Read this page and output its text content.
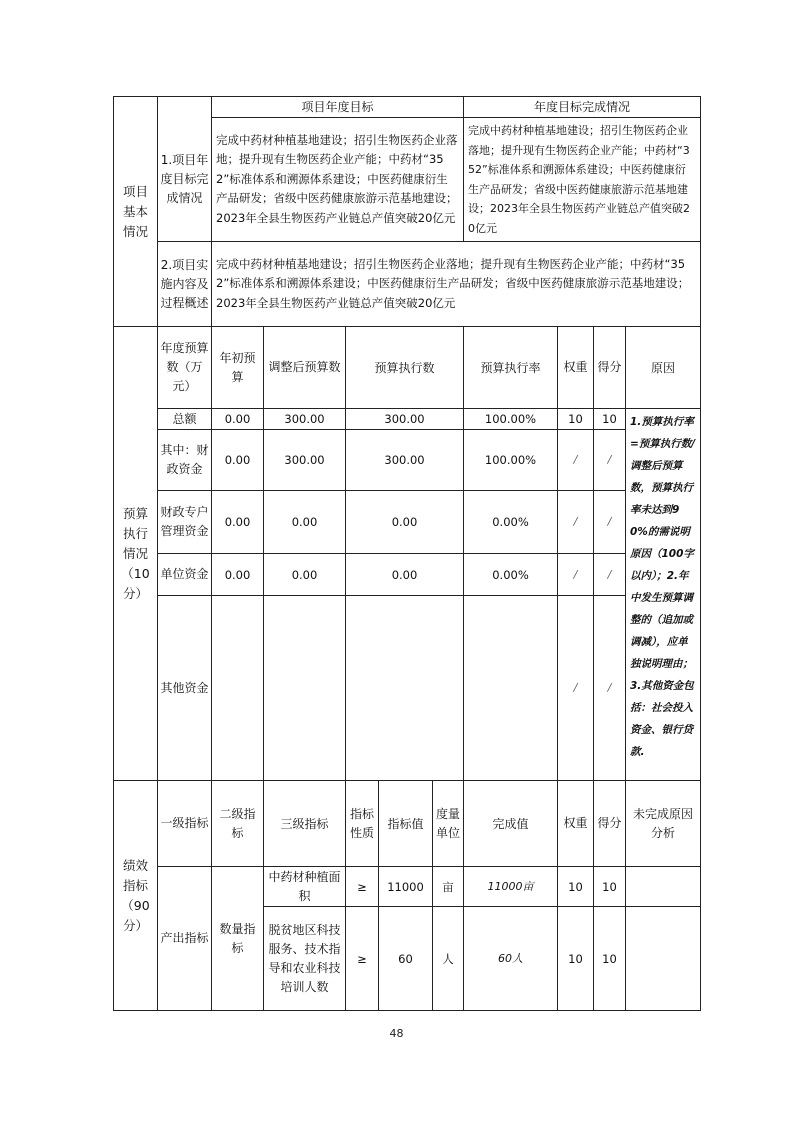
项目基本情况	1.项目年度目标完成情况	项目年度目标					年度目标完成情况			
		完成中药材种植基地建设；招引生物医药企业落地；提升现有生物医药企业产能；中药材“352”标准体系和溯源体系建设；中医药健康衍生产品研发；省级中医药健康旅游示范基地建设；2023年全县生物医药产业链总产值突破20亿元					完成中药材种植基地建设；招引生物医药企业落地；提升现有生物医药企业产能；中药材“352”标准体系和溯源体系建设；中医药健康衍生产品研发；省级中医药健康旅游示范基地建设；2023年全县生物医药产业链总产值突破20亿元			
	2.项目实施内容及过程概述	完成中药材种植基地建设；招引生物医药企业落地；提升现有生物医药企业产能；中药材“352”标准体系和溯源体系建设；中医药健康衍生产品研发；省级中医药健康旅游示范基地建设；2023年全县生物医药产业链总产值突破20亿元								
预算执行情况（10分）	年度预算数（万元）	年初预算	调整后预算数	预算执行数			预算执行率	权重	得分	原因
	总额	0.00	300.00	300.00			100.00%	10	10	1.预算执行率=预算执行数/调整后预算数，预算执行率未达到90%的需说明原因（100字以内）；2.年中发生预算调整的（追加或调减），应单独说明理由；3.其他资金包括：社会投入资金、银行贷款.
	其中：财政资金	0.00	300.00	300.00			100.00%	/	/	
	财政专户管理资金	0.00	0.00	0.00			0.00%	/	/	
	单位资金	0.00	0.00	0.00			0.00%	/	/	
	其他资金							/	/	
绩效指标（90分）	一级指标	二级指标	三级指标	指标性质	指标值	度量单位	完成值	权重	得分	未完成原因分析
	产出指标	数量指标	中药材种植面积	≥	11000	亩	11000亩	10	10	
			脱贫地区科技服务、技术指导和农业科技培训人数	≥	60	人	60人	10	10	
48
